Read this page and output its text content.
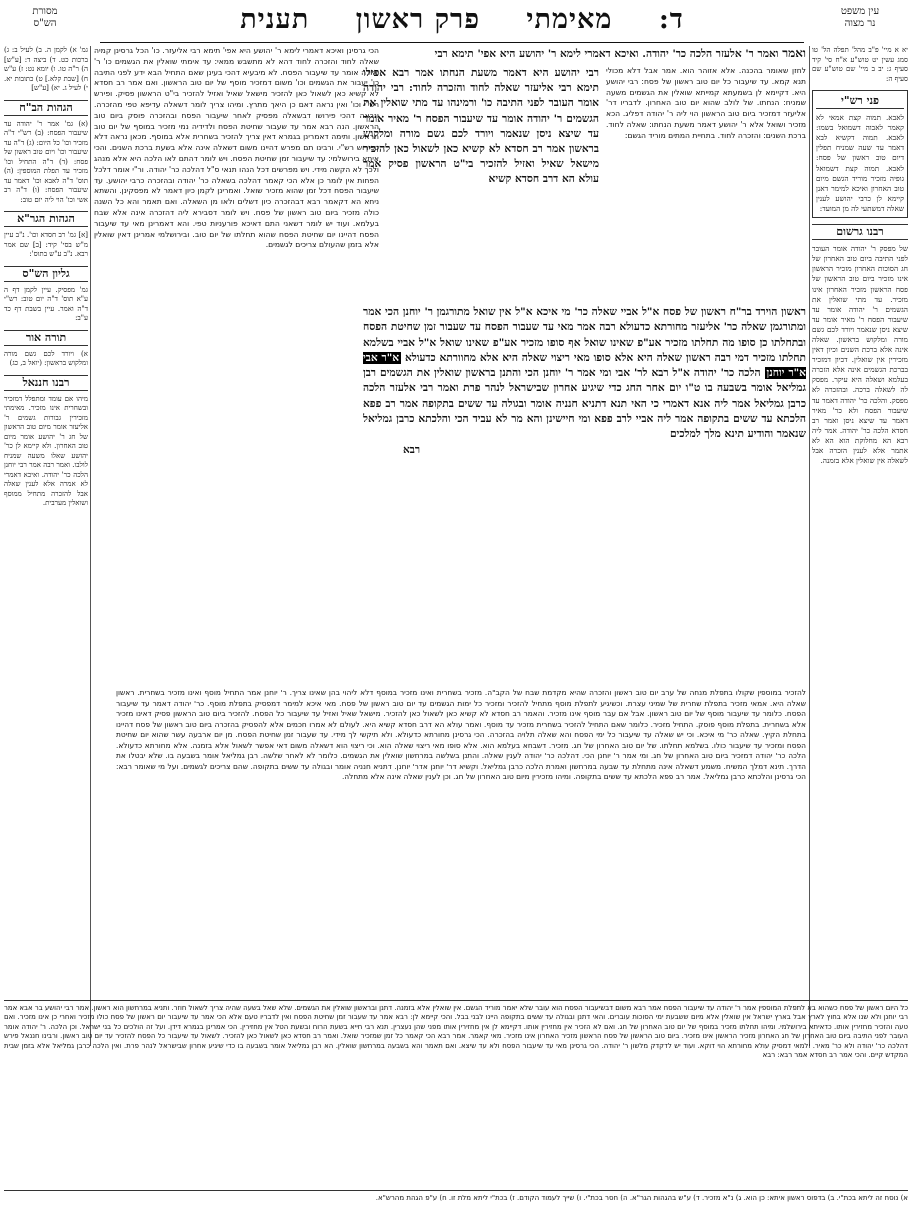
עין משפט
נר מצוה
ד: מאימתי פרק ראשון תענית
מסורת
הש"ס
יא א מיי' פ"ב מהל' תפלה הל' טו סמג עשין יט טוש"ע א"ח סי' קיד סעיף ג: יב ב מיי' שם טוש"ע שם סעיף ה:
פני רש"י
לאבא. תמוה קצת אמאי לא קאמר לאבוה דשמואל בשמו: לאבא. תמוה דקשיא לבא דאמר עד שעה שמניח תפלין דיום טוב ראשון של פסח: לאבא. תמוה קצת דשמואל גופיה מזכיר מוריד הגשם מיום טוב האחרון ואיכא למימר דאנן קיימא לן כרבי יהושע לענין שאלה דמשתעי לה מן המועד:
רבנו גרשום
של מפסק ר' יהודה אומר העובר לפני התיבה ביום טוב האחרון של חג הסוכות האחרון מזכיר הראשון אינו מזכיר ביום טוב הראשון של פסח הראשון מזכיר האחרון אינו מזכיר. עד מתי שואלין את הגשמים ר' יהודה אומר עד שיעבור הפסח ר' מאיר אומר עד שיצא ניסן שנאמר ויורד לכם גשם מורה ומלקוש בראשון. שאלה אינה אלא ברכת השנים וכיון דאין מזכירין אין שואלין. דכיון דמזכיר בברכת הגשמים אינה אלא הזכרה בעלמא ושאלה היא עיקר. מפסק לה לשאלה ברכה. ובהזכרה לא מפסק. והלכה כר' יהודה דאמר עד שיעבור הפסח ולא כר' מאיר דאמר עד שיצא ניסן ואמר רב חסדא הלכה כר' יהודה. אמר ליה רבא הא מחלוקת הוא הא לא אתמר אלא לענין הזכרה אבל לשאלה אין שואלין אלא בזמנה.
גמ' א) לקמן ה. ב) לעיל ב: ג) ברכות כט. ד) ביצה ד: [ע"ש] ה) ר"ה טו. ו) יומא נט: ז) ע"ש ח) [שבת קלא.] ט) כתובות יא. י) לעיל ג. יא) [ע"ש]
הגהות הב"ח
(א) גמ' אמר ר' יהודה עד שיעבור הפסח: (ב) רש"י ד"ה מזכיר וכו' כל היום: (ג) ד"ה עד שיעבור וכו' ויום טוב ראשון של פסח: (ד) ד"ה התחיל וכו' מזכיר עד תפלת המוספין: (ה) תוס' ד"ה לאבא וכו' דאמר עד שיעבור הפסח: (ו) ד"ה רב אשי וכו' הוי ליה יום טוב:
הגהות הגר"א
[א] גמ' רב חסדא וכו'. נ"ב עיין מ"ש בסי' קיד: [ב] שם אמר רבא. נ"ב ע"ש בתוס':
גליון הש"ס
גמ' מפסיק. עיין לקמן דף ה ע"א תוס' ד"ה יום טוב: רש"י ד"ה ואמר. עיין בשבת דף כד ע"ב:
תורה אור
א) ויורד לכם גשם מורה ומלקוש בראשון: (יואל ב, כג)
רבנו חננאל
מיהו אם עומד ומתפלל דמזכיר ובשחרית אינו מזכיר. מאימתי מזכירין גבורות גשמים ר' אליעזר אומר מיום טוב הראשון של חג ר' יהושע אומר מיום טוב האחרון. ולא קיימא לן כר' יהושע שאלו משעה שמניח לולבו. ואמר רבה אמר רבי יוחנן הלכה כר' יהודה. ואיכא דאמרי לא אמרה אלא לענין שאלה אבל להזכרה מתחיל ממוסף ושואלין מערבית.
הכי גרסינן ואיכא דאמרי לימא ר' יהושע היא אפי' תימא רבי אליעזר. כו' הכל גרסינן קמיה שאלה לחוד והזכרה לחוד דהא לא מתשבש ממאי: עד אימתי שואלין את הגשמים כו' ר' יהודה אומר עד שיעבור הפסח. לא מיבעיא דהכי בעינן שאם התחיל הבא ידע לפני התיבה כו' יעבור את הגשמים וכו' משום דמזכיר מוסף של יום טוב הראשון. ואם אמר רב חסדא לא קשיא כאן לשאול כאן להזכיר מישאל שאיל ואזיל להזכיר בי"ט הראשון פסיק. ופירש רש"י וכו' ואין נראה דאם כן היאך מתרץ. ומיהו צריך לומר דשאלה עדיפא טפי מהזכרה. ונראה דהכי פירושו דבשאלה מפסיק לאחר שיעבור הפסח ובהזכרה פוסק ביום טוב הראשון. הנה רבא אמר עד שעבור שחיטת הפסח ולדידיה נמי מזכיר במוסף של יום טוב הראשון. ותימה דאמרינן בגמרא דאין צריך להזכיר בשחרית אלא במוסף. מכאן נראה דלא כפירוש רש"י. ורבינו תם מפרש דהיינו משום דשאלה אינה אלא בשעת ברכת השנים. והכי איתא בירושלמי: עד שיעבור זמן שחיטת הפסח. ויש לומר דהתם לאו הלכה היא אלא מנהג ולכך לא הקשה מידי. ויש מפרשים דכל הנהו תנאי ס"ל דהלכה כר' יהודה. ור"י אומר דלכל הפחות אין לומר כן אלא הכי קאמר דהלכה בשאלה כר' יהודה ובהזכרה כרבי יהושע. עד שיעבור הפסח דכל זמן שהוא מזכיר שואל. ואמרינן לקמן כיון דאמר לא מפסקינן. והשתא ניחא הא דקאמר רבא דבהזכרה כיון דשלים ולאו מן השאלה. ואם תאמר והא כל השנה כולה מזכיר ביום טוב ראשון של פסח. ויש לומר דסבירא ליה דהזכרה אינה אלא שבח בעלמא. ועוד יש לומר דשאני התם דאיכא פורעניות טפי. והא דאמרינן מאי עד שיעבור הפסח דהיינו יום שחיטת הפסח שהוא תחלתו של יום טוב. ובירושלמי אמרינן דאין שואלין אלא בזמן שהעולם צריכים לגשמים.
ואמר ואמר ר' אלעזר הלכה כר' יהודה. ואיכא דאמרי לימא ר' יהושע היא אפי' תימא רבי
לחזן שאומר בהכנה. אלא אזוהר הוא. אמר אבל דלא מכולי תנא קמא. עד שיעבור כל יום טוב ראשון של פסח: רבי יהושע היא. דקיימא לן בשמעתא קמייתא שואלין את הגשמים משעה שמניח: הנחתו. של לולב שהוא יום טוב האחרון. לדבריו דר' אליעזר דמזכיר ביום טוב הראשון הוי ליה ר' יהודה דפליג. הכא מזכיר ושואל אלא ר' יהושע דאמר משעת הנחתו: שאלה לחוד. ברכת השנים: והזכרה לחוד. בתחיית המתים מוריד הגשם:
רבי יהושע היא דאמר משעת הנחתו אמר רבא אפילו תימא רבי אליעזר שאלה לחוד והזכרה לחוד: רבי יהודה אומר העובר לפני התיבה כו' ורמינהו עד מתי שואלין את הגשמים ר' יהודה אומר עד שיעבור הפסח ר' מאיר אומר עד שיצא ניסן שנאמר ויורד לכם גשם מורה ומלקוש בראשון אמר רב חסדא לא קשיא כאן לשאול כאן להזכיר מישאל שאיל ואזיל להזכיר בי"ט הראשון פסיק אמר עולא הא דרב חסדא קשיא
ראשון הוירד בר"ח ראשון של פסח א"ל אביי שאלה כר' מי איכא א"ל אין שואל מתורגמן ר' יוחנן הכי אמר ומתורגמן שאלה כר' אליעזר מחורתא כדעולא רבה אמר מאי עד שעבור הפסח עד שעבור זמן שחיטת הפסח ובתחלתו כן סופו מה תחלתו מזכיר אע"פ שאינו שואל אף סופו מזכיר אע"פ שאינו שואל א"ל אביי בשלמא תחלתו מזכיר דמי רבה ראשון שאלה היא אלא סופו מאי ריצוי שאלה היא אלא מחוורתא כדעולא א"ר אבי א"ר יוחנן הלכה כר' יהודה א"ל רבא לר' אבי ומי אמר ר' יוחנן הכי והתנן בראשון שואלין את הגשמים רבן גמליאל אומר בשבעה בו ט"ו יום אחר החג כדי שיגיע אחרון שבישראל לנהר פרת ואמר רבי אלעזר הלכה כרבן גמליאל אמר ליה אנא דאמרי כי האי תנא דתניא חנניה אומר ובגולה עד ששים בתקופה אמר רב פפא הלכתא עד ששים בתקופה אמר ליה אביי לרב פפא ומי חיישינן והא מר לא עביד הכי והלכתא כרבן גמליאל שנאמר והודיע תינא מלך למלכים
רבא
להזכיר במוספין שקולו בתפלת מנחה של ערב יום טוב ראשון והזכרה שהיא מקדמת שבח של הקב"ה. מזכיר בשחרית ואינו מזכיר במוסף דלא ליהוי בהן שאינו צריך. ר' יוחנן אמר התחיל מוסף ואינו מזכיר בשחרית. ראשון שאלה היא. אמאי מזכיר בתפלת שחרית של שמיני עצרת. וכשיגיע לתפלת מוסף מתחיל להזכיר ומזכיר כל ימות הגשמים עד יום טוב ראשון של פסח. מאי איכא למימר דמפסיק בתפלת מוסף. כר' יהודה דאמר עד שיעבור הפסח. כלומר עד שיעבור מוסף של יום טוב ראשון. אבל אם עבר מוסף אינו מזכיר. והאמר רב חסדא לא קשיא כאן לשאול כאן להזכיר. מישאל שאיל ואזיל עד שיעבור כל הפסח. להזכיר ביום טוב הראשון פסיק דאינו מזכיר אלא בשחרית. בתפלת מוסף פוסק. התחיל מזכיר. כלומר שאם התחיל להזכיר בשחרית מזכיר עד מוסף. ואמר עולא הא דרב חסדא קשיא היא. לעולם לא אמרו חכמים אלא להפסיק בהזכרה ביום טוב ראשון של פסח דהיינו בתחלת הקיץ. שאלה כר' מי איכא. וכי יש שאלה עד שיעבור כל ימי הפסח והא שאלה תלויה בהזכרה. הכי גרסינן מחורתא כדעולא. ולא תיקשי לך מידי. עד שעבור זמן שחיטת הפסח. מן יום ארבעה עשר שהוא יום שחיטת הפסח ומזכיר עד שיעבור כולו. בשלמא תחלתו. של יום טוב האחרון של חג. מזכיר. דשבחא בעלמא הוא. אלא סופו מאי ריצוי שאלה הוא. וכי ריצוי הוא דשאלה משום דאי אפשר לשאול אלא בזמנה. אלא מחורתא כדעולא. הלכה כר' יהודה דמזכיר ביום טוב האחרון של חג. ומי אמר ר' יוחנן הכי. דהלכה כר' יהודה לענין שאלה. והתנן בשלשה במרחשון שואלין את הגשמים. כלומר לא לאחר שלשה. רבן גמליאל אומר בשבעה בו. שלא יבטלו את הדרך. תינא דמלך המשיח. משמע דשאלה אינה מתחלת עד שבעה במרחשון ואמרת הלכה כרבן גמליאל. וקשיא דר' יוחנן אדר' יוחנן. דתניא חנניה אומר ובגולה עד ששים בתקופה. שהם צריכים לגשמים. ועל מי שאומר רבא: הכי גרסינן והלכתא כרבן גמליאל. אמר רב פפא הלכתא עד ששים בתקופה. ומיהו מזכירין מיום טוב האחרון של חג. וכן לענין שאלה אינה אלא מתחלה.
כל היום ראשון של פסח כשהוא בא לתפלת המוספין אמר ר' יהודה עד שיעבור הפסח אמר רבא משום דבשיעבור הפסח הוא עובר שלא יאמר מוריד הגשם. אין שואלין אלא בזמנה. דתנן ובראשון שואלין את הגשמים. שלא שאל בשעה שהיה צריך לשאול חוזר. ותניא במרחשון הוא ראשון. אמר רבי יהושע בר אבא אמר רבי יוחנן ולא שנו אלא בחוץ לארץ אבל בארץ ישראל אין שואלין אלא מיום ששבעת ימי הסוכות עוברים. והאי דתנן ובגולה עד ששים בתקופה היינו לבני בבל. והכי קיימא לן: רבא אמר עד שעבור זמן שחיטת הפסח ואין לדבריו טעם אלא הכי אמר עד שיעבור יום ראשון של פסח כולו מזכיר ואחרי כן אינו מזכיר. ואם טעה והזכיר מחזירין אותו. כדאיתא בירושלמי. ומיהו תחלתו מזכיר במוסף של יום טוב האחרון של חג. ואם לא הזכיר אין מחזירין אותו. דקיימא לן אין מחזירין אותו מפני שהן נעצרין. תנא רבי חייא בשעת הרוח ובשעת הטל אין מחזירין. הכי אמרינן בגמרא דידן. ועל זה הולכים כל בני ישראל. וכן הלכה. ר' יהודה אומר העובר לפני התיבה ביום טוב האחרון של חג האחרון מזכיר הראשון אינו מזכיר. ביום טוב הראשון של פסח הראשון מזכיר האחרון אינו מזכיר. מאי קאמר. אמר רבא הכי קאמר כל זמן שמזכיר שואל. ואמר רב חסדא כאן לשאול כאן להזכיר. לשאול עד שיעבור כל הפסח להזכיר עד יום טוב ראשון. ורבינו חננאל פירש דהלכה כר' יהודה ולא כר' מאיר. ולמאי דמסיק עולא מחורתא הוי דוקא. ועוד יש לדקדק מלשון ר' יהודה. הכי גרסינן מאי עד שיעבור הפסח ולא עד שיצא. ואם תאמר והא בשבעה במרחשון שואלין. הא רבן גמליאל אומר בשבעה בו כדי שיגיע אחרון שבישראל לנהר פרת. ואין הלכה כרבן גמליאל אלא בזמן שבית המקדש קיים. והכי אמר רב חסדא אמר רבא: רבא
א) נוסח זה ליתא בכת"י. ב) בדפוס ראשון איתא: כן הוא. ג) נ"א מזכיר. ד) ע"ש בהגהות הגר"א. ה) חסר בכת"י. ו) שייך לעמוד הקודם. ז) בכת"י ליתא מלת זו. ח) ע"פ הגהת מהרש"א.
